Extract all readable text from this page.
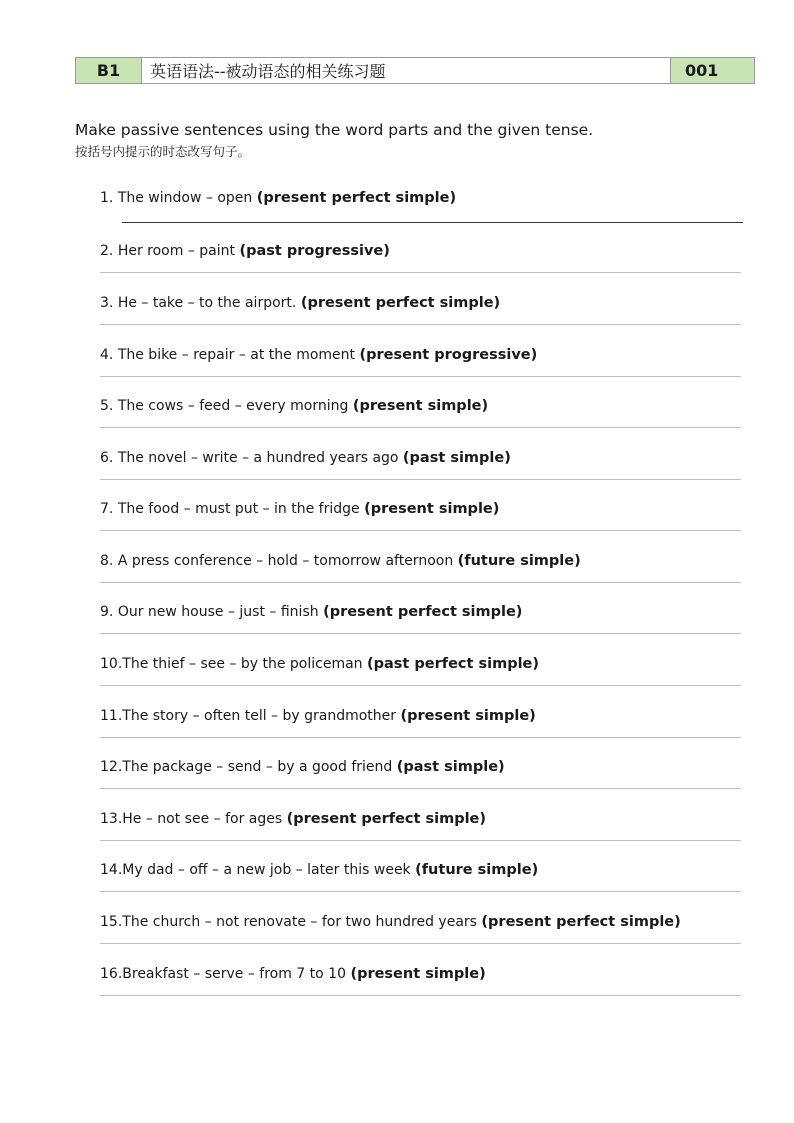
B1	英语语法--被动语态的相关练习题	001
Make passive sentences using the word parts and the given tense.
按括号内提示的时态改写句子。
1. The window – open (present perfect simple)
2. Her room – paint (past progressive)
3. He – take – to the airport. (present perfect simple)
4. The bike – repair – at the moment (present progressive)
5. The cows – feed – every morning (present simple)
6. The novel – write – a hundred years ago (past simple)
7. The food – must put – in the fridge (present simple)
8. A press conference – hold – tomorrow afternoon (future simple)
9. Our new house – just – finish (present perfect simple)
10.The thief – see – by the policeman (past perfect simple)
11.The story – often tell – by grandmother (present simple)
12.The package – send – by a good friend (past simple)
13.He – not see – for ages (present perfect simple)
14.My dad – off – a new job – later this week (future simple)
15.The church – not renovate – for two hundred years (present perfect simple)
16.Breakfast – serve – from 7 to 10 (present simple)
